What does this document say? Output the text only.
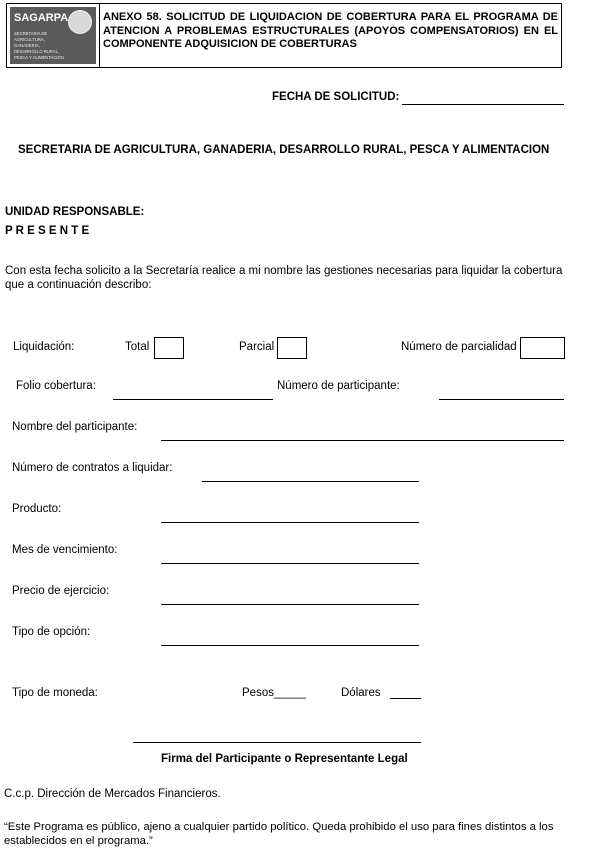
SAGARPA
SECRETARIA DE AGRICULTURA, GANADERIA, DESARROLLO RURAL, PESCA Y ALIMENTACION
ANEXO 58. SOLICITUD DE LIQUIDACION DE COBERTURA PARA EL PROGRAMA DE ATENCION A PROBLEMAS ESTRUCTURALES (APOYOS COMPENSATORIOS) EN EL COMPONENTE ADQUISICION DE COBERTURAS
FECHA DE SOLICITUD:
SECRETARIA DE AGRICULTURA, GANADERIA, DESARROLLO RURAL, PESCA Y ALIMENTACION
UNIDAD RESPONSABLE:
P R E S E N T E
Con esta fecha solicito a la Secretaría realice a mi nombre las gestiones necesarias para liquidar la cobertura
que a continuación describo:
Liquidación:	Total	Parcial	Número de parcialidad
Folio cobertura:	Número de participante:
Nombre del participante:
Número de contratos a liquidar:
Producto:
Mes de vencimiento:
Precio de ejercicio:
Tipo de opción:
Tipo de moneda:	Pesos_____	Dólares
Firma del Participante o Representante Legal
C.c.p. Dirección de Mercados Financieros.
“Este Programa es público, ajeno a cualquier partido político. Queda prohibido el uso para fines distintos a los
establecidos en el programa.”
